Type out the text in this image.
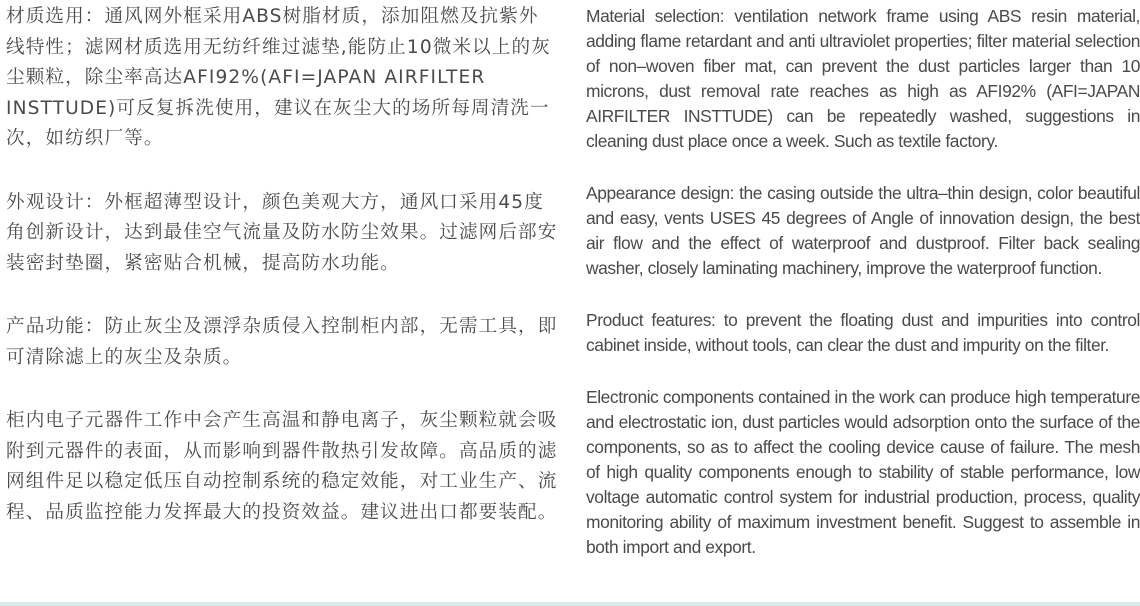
材质选用：通风网外框采用ABS树脂材质，添加阻燃及抗紫外线特性；滤网材质选用无纺纤维过滤垫,能防止10微米以上的灰尘颗粒，除尘率高达AFI92%(AFI=JAPAN AIRFILTER INSTTUDE)可反复拆洗使用，建议在灰尘大的场所每周清洗一次，如纺织厂等。

外观设计：外框超薄型设计，颜色美观大方，通风口采用45度角创新设计，达到最佳空气流量及防水防尘效果。过滤网后部安装密封垫圈，紧密贴合机械，提高防水功能。

产品功能：防止灰尘及漂浮杂质侵入控制柜内部，无需工具，即可清除滤上的灰尘及杂质。

柜内电子元器件工作中会产生高温和静电离子，灰尘颗粒就会吸附到元器件的表面，从而影响到器件散热引发故障。高品质的滤网组件足以稳定低压自动控制系统的稳定效能，对工业生产、流程、品质监控能力发挥最大的投资效益。建议进出口都要装配。

Material selection: ventilation network frame using ABS resin material, adding flame retardant and anti ultraviolet properties; filter material selection of non–woven fiber mat, can prevent the dust particles larger than 10 microns, dust removal rate reaches as high as AFI92% (AFI=JAPAN AIRFILTER INSTTUDE) can be repeatedly washed, suggestions in cleaning dust place once a week. Such as textile factory.

Appearance design: the casing outside the ultra–thin design, color beautiful and easy, vents USES 45 degrees of Angle of innovation design, the best air flow and the effect of waterproof and dustproof. Filter back sealing washer, closely laminating machinery, improve the waterproof function.

Product features: to prevent the floating dust and impurities into control cabinet inside, without tools, can clear the dust and impurity on the filter.

Electronic components contained in the work can produce high temperature and electrostatic ion, dust particles would adsorption onto the surface of the components, so as to affect the cooling device cause of failure. The mesh of high quality components enough to stability of stable performance, low voltage automatic control system for industrial production, process, quality monitoring ability of maximum investment benefit. Suggest to assemble in both import and export.
